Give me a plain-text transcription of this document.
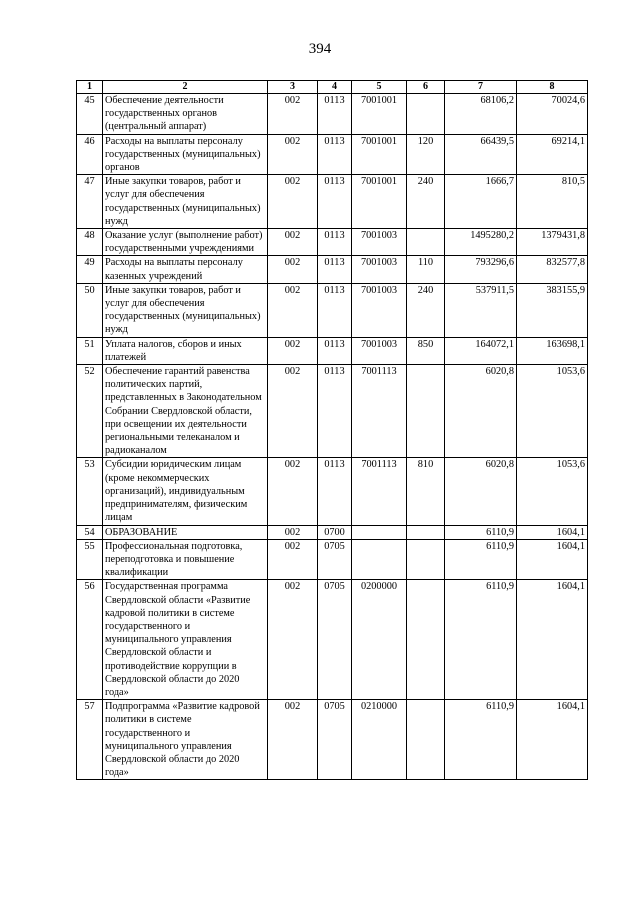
394
1	2	3	4	5	6	7	8
45	Обеспечение деятельности государственных органов (центральный аппарат)	002	0113	7001001		68106,2	70024,6
46	Расходы на выплаты персоналу государственных (муниципальных) органов	002	0113	7001001	120	66439,5	69214,1
47	Иные закупки товаров, работ и услуг для обеспечения государственных (муниципальных) нужд	002	0113	7001001	240	1666,7	810,5
48	Оказание услуг (выполнение работ) государственными учреждениями	002	0113	7001003		1495280,2	1379431,8
49	Расходы на выплаты персоналу казенных учреждений	002	0113	7001003	110	793296,6	832577,8
50	Иные закупки товаров, работ и услуг для обеспечения государственных (муниципальных) нужд	002	0113	7001003	240	537911,5	383155,9
51	Уплата налогов, сборов и иных платежей	002	0113	7001003	850	164072,1	163698,1
52	Обеспечение гарантий равенства политических партий, представленных в Законодательном Собрании Свердловской области, при освещении их деятельности региональными телеканалом и радиоканалом	002	0113	7001113		6020,8	1053,6
53	Субсидии юридическим лицам (кроме некоммерческих организаций), индивидуальным предпринимателям, физическим лицам	002	0113	7001113	810	6020,8	1053,6
54	ОБРАЗОВАНИЕ	002	0700			6110,9	1604,1
55	Профессиональная подготовка, переподготовка и повышение квалификации	002	0705			6110,9	1604,1
56	Государственная программа Свердловской области «Развитие кадровой политики в системе государственного и муниципального управления Свердловской области и противодействие коррупции в Свердловской области до 2020 года»	002	0705	0200000		6110,9	1604,1
57	Подпрограмма «Развитие кадровой политики в системе государственного и муниципального управления Свердловской области до 2020 года»	002	0705	0210000		6110,9	1604,1
